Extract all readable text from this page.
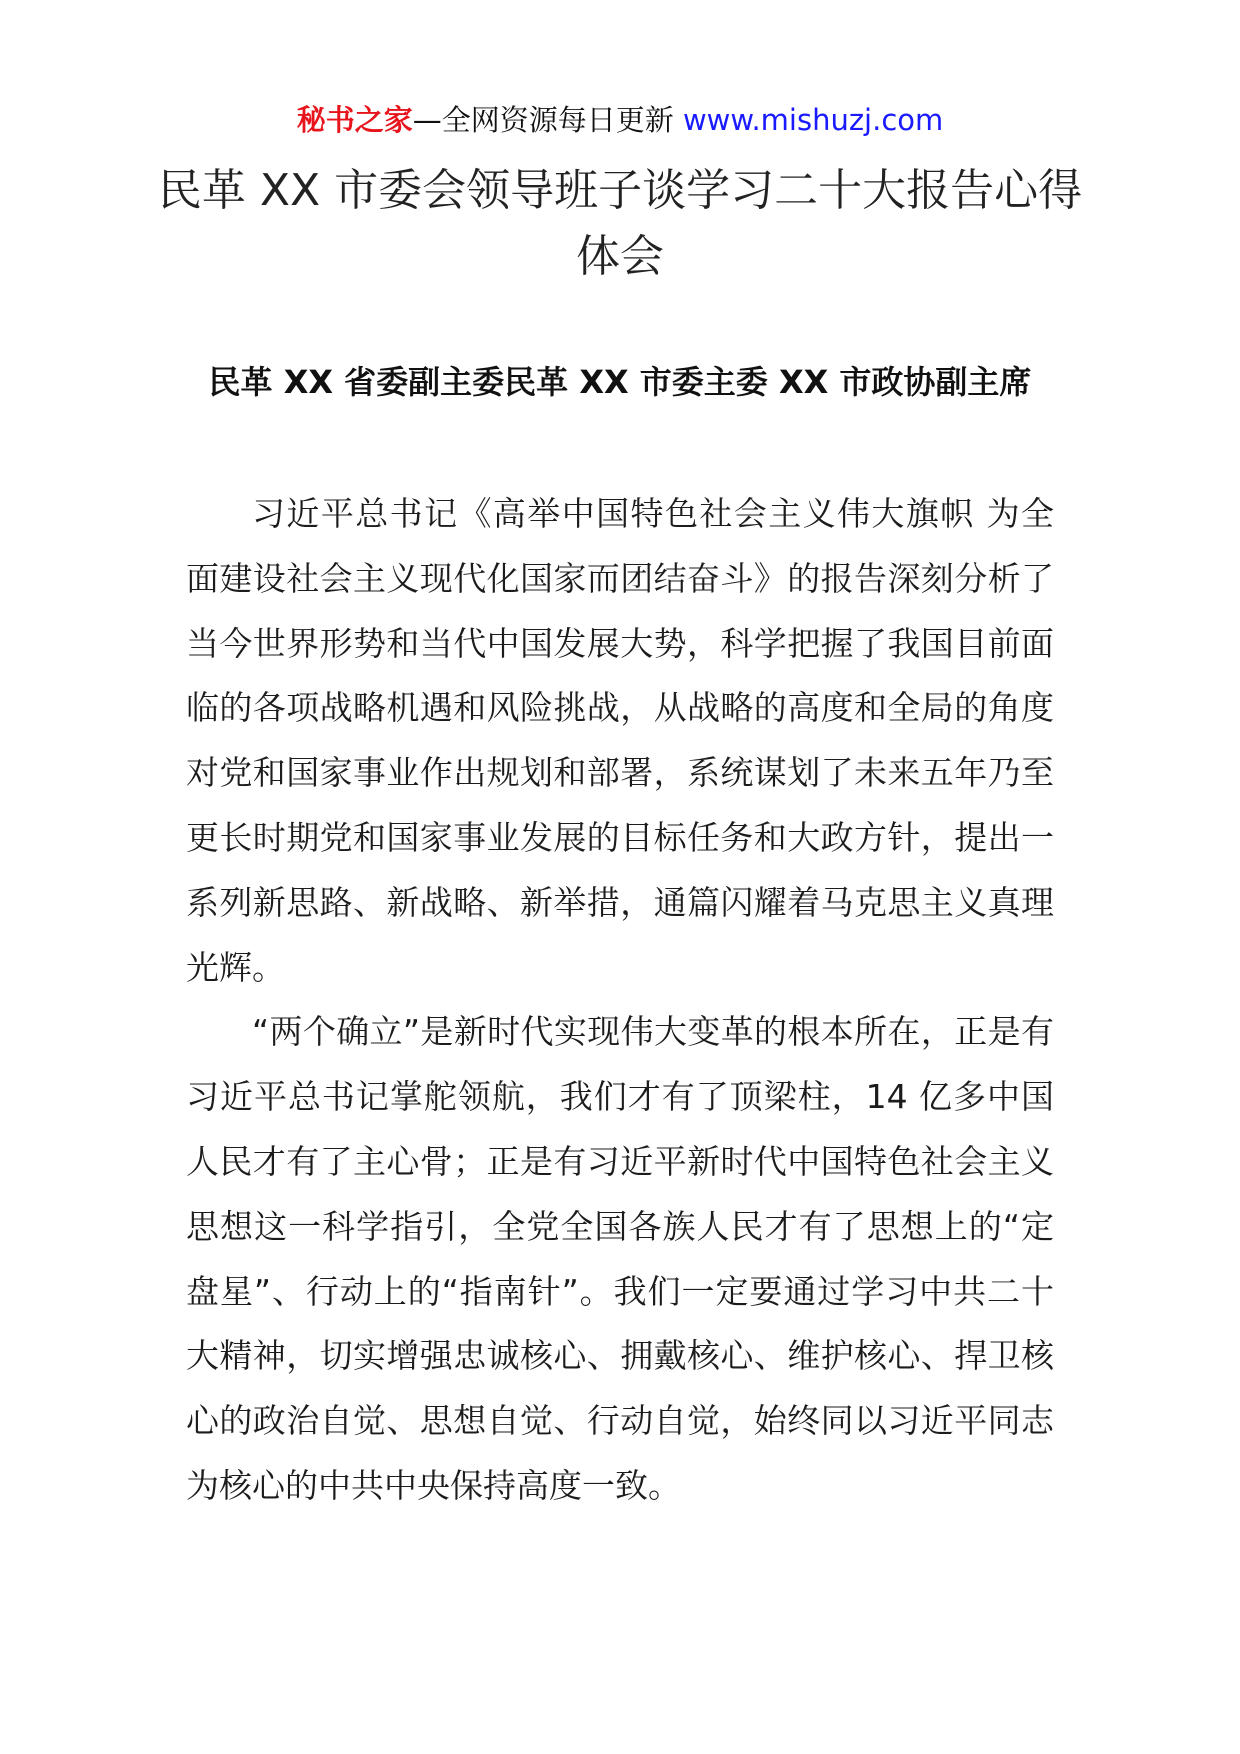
秘书之家—全网资源每日更新 www.mishuzj.com
民革 XX 市委会领导班子谈学习二十大报告心得体会
民革 XX 省委副主委民革 XX 市委主委 XX 市政协副主席

习近平总书记《高举中国特色社会主义伟大旗帜 为全面建设社会主义现代化国家而团结奋斗》的报告深刻分析了当今世界形势和当代中国发展大势，科学把握了我国目前面临的各项战略机遇和风险挑战，从战略的高度和全局的角度对党和国家事业作出规划和部署，系统谋划了未来五年乃至更长时期党和国家事业发展的目标任务和大政方针，提出一系列新思路、新战略、新举措，通篇闪耀着马克思主义真理光辉。

“两个确立”是新时代实现伟大变革的根本所在，正是有习近平总书记掌舵领航，我们才有了顶梁柱，14 亿多中国人民才有了主心骨；正是有习近平新时代中国特色社会主义思想这一科学指引，全党全国各族人民才有了思想上的“定盘星”、行动上的“指南针”。我们一定要通过学习中共二十大精神，切实增强忠诚核心、拥戴核心、维护核心、捍卫核心的政治自觉、思想自觉、行动自觉，始终同以习近平同志为核心的中共中央保持高度一致。
